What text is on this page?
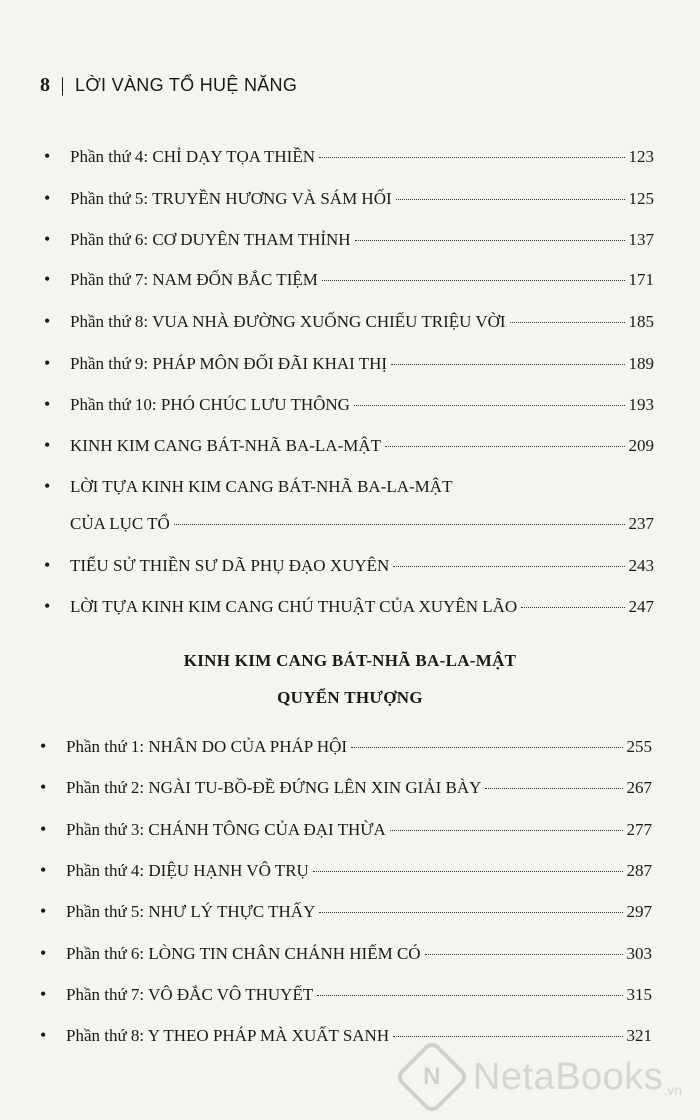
8 | LỜI VÀNG TỔ HUỆ NĂNG
•	Phần thứ 4: CHỈ DẠY TỌA THIỀN	123
•	Phần thứ 5: TRUYỀN HƯƠNG VÀ SÁM HỐI	125
•	Phần thứ 6: CƠ DUYÊN THAM THỈNH	137
•	Phần thứ 7: NAM ĐỐN BẮC TIỆM	171
•	Phần thứ 8: VUA NHÀ ĐƯỜNG XUỐNG CHIẾU TRIỆU VỜI	185
•	Phần thứ 9: PHÁP MÔN ĐỐI ĐÃI KHAI THỊ	189
•	Phần thứ 10: PHÓ CHÚC LƯU THÔNG	193
•	KINH KIM CANG BÁT-NHÃ BA-LA-MẬT	209
•	LỜI TỰA KINH KIM CANG BÁT-NHÃ BA-LA-MẬT
CỦA LỤC TỔ	237
•	TIỂU SỬ THIỀN SƯ DÃ PHỤ ĐẠO XUYÊN	243
•	LỜI TỰA KINH KIM CANG CHÚ THUẬT CỦA XUYÊN LÃO	247
KINH KIM CANG BÁT-NHÃ BA-LA-MẬT
QUYỂN THƯỢNG
•	Phần thứ 1: NHÂN DO CỦA PHÁP HỘI	255
•	Phần thứ 2: NGÀI TU-BỒ-ĐỀ ĐỨNG LÊN XIN GIẢI BÀY	267
•	Phần thứ 3: CHÁNH TÔNG CỦA ĐẠI THỪA	277
•	Phần thứ 4: DIỆU HẠNH VÔ TRỤ	287
•	Phần thứ 5: NHƯ LÝ THỰC THẤY	297
•	Phần thứ 6: LÒNG TIN CHÂN CHÁNH HIẾM CÓ	303
•	Phần thứ 7: VÔ ĐẮC VÔ THUYẾT	315
•	Phần thứ 8: Y THEO PHÁP MÀ XUẤT SANH	321
N NetaBooks .vn
